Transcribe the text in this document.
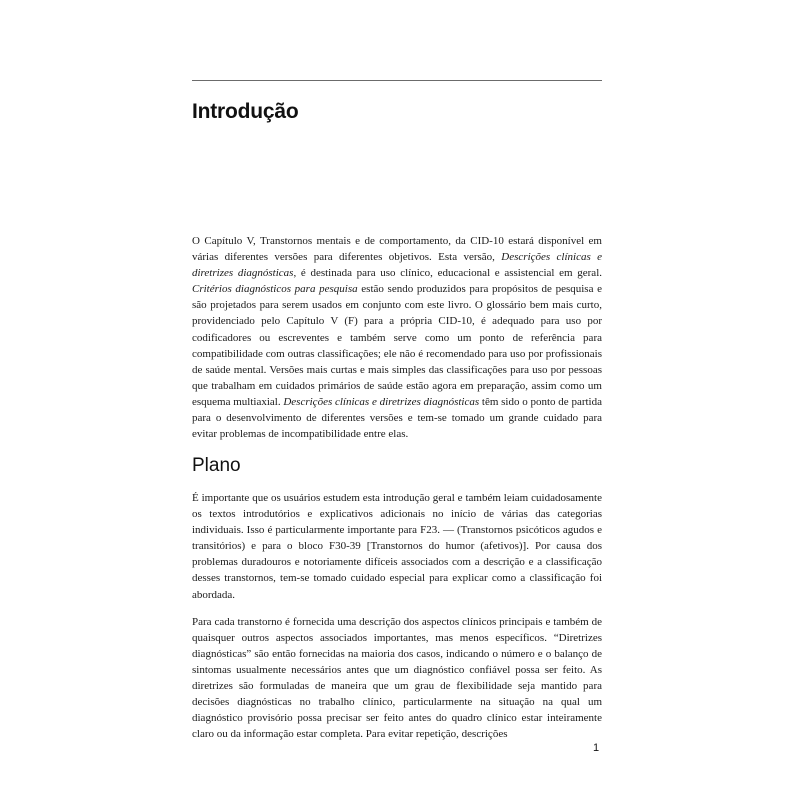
Introdução

O Capítulo V, Transtornos mentais e de comportamento, da CID-10 estará disponível em várias diferentes versões para diferentes objetivos. Esta versão, Descrições clínicas e diretrizes diagnósticas, é destinada para uso clínico, educacional e assistencial em geral. Critérios diagnósticos para pesquisa estão sendo produzidos para propósitos de pesquisa e são projetados para serem usados em conjunto com este livro. O glossário bem mais curto, providenciado pelo Capítulo V (F) para a própria CID-10, é adequado para uso por codificadores ou escreventes e também serve como um ponto de referência para compatibilidade com outras classificações; ele não é recomendado para uso por profissionais de saúde mental. Versões mais curtas e mais simples das classificações para uso por pessoas que trabalham em cuidados primários de saúde estão agora em preparação, assim como um esquema multiaxial. Descrições clínicas e diretrizes diagnósticas têm sido o ponto de partida para o desenvolvimento de diferentes versões e tem-se tomado um grande cuidado para evitar problemas de incompatibilidade entre elas.

Plano

É importante que os usuários estudem esta introdução geral e também leiam cuidadosamente os textos introdutórios e explicativos adicionais no início de várias das categorias individuais. Isso é particularmente importante para F23. — (Transtornos psicóticos agudos e transitórios) e para o bloco F30-39 [Transtornos do humor (afetivos)]. Por causa dos problemas duradouros e notoriamente difíceis associados com a descrição e a classificação desses transtornos, tem-se tomado cuidado especial para explicar como a classificação foi abordada.

Para cada transtorno é fornecida uma descrição dos aspectos clínicos principais e também de quaisquer outros aspectos associados importantes, mas menos específicos. “Diretrizes diagnósticas” são então fornecidas na maioria dos casos, indicando o número e o balanço de sintomas usualmente necessários antes que um diagnóstico confiável possa ser feito. As diretrizes são formuladas de maneira que um grau de flexibilidade seja mantido para decisões diagnósticas no trabalho clínico, particularmente na situação na qual um diagnóstico provisório possa precisar ser feito antes do quadro clínico estar inteiramente claro ou da informação estar completa. Para evitar repetição, descrições

1
